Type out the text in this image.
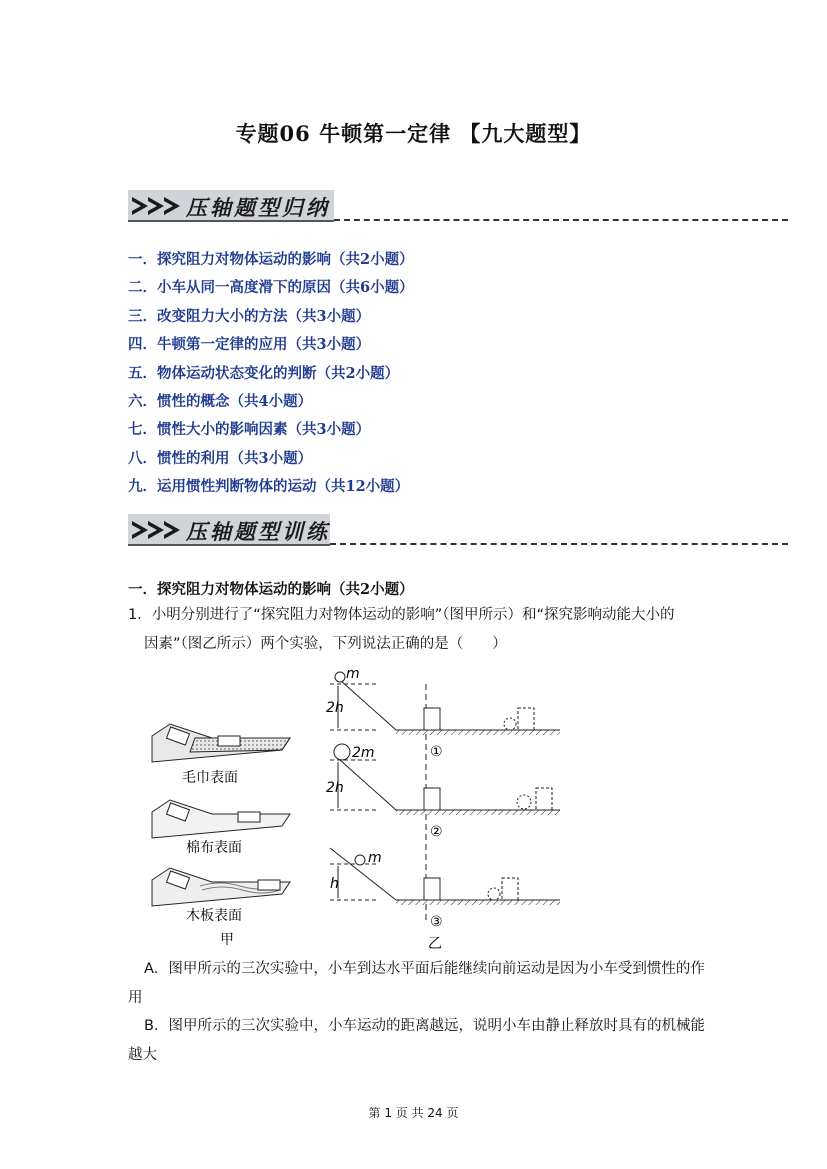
专题06 牛顿第一定律 【九大题型】
压轴题型归纳
一．探究阻力对物体运动的影响（共2小题）
二．小车从同一高度滑下的原因（共6小题）
三．改变阻力大小的方法（共3小题）
四．牛顿第一定律的应用（共3小题）
五．物体运动状态变化的判断（共2小题）
六．惯性的概念（共4小题）
七．惯性大小的影响因素（共3小题）
八．惯性的利用（共3小题）
九．运用惯性判断物体的运动（共12小题）
压轴题型训练
一．探究阻力对物体运动的影响（共2小题）
1．小明分别进行了“探究阻力对物体运动的影响”（图甲所示）和“探究影响动能大小的
因素”（图乙所示）两个实验，下列说法正确的是（　　）
毛巾表面
棉布表面
木板表面
甲
m
2h
①
2m
2h
②
m
h
③
乙
A．图甲所示的三次实验中，小车到达水平面后能继续向前运动是因为小车受到惯性的作
用
B．图甲所示的三次实验中，小车运动的距离越远，说明小车由静止释放时具有的机械能
越大
第 1 页 共 24 页
